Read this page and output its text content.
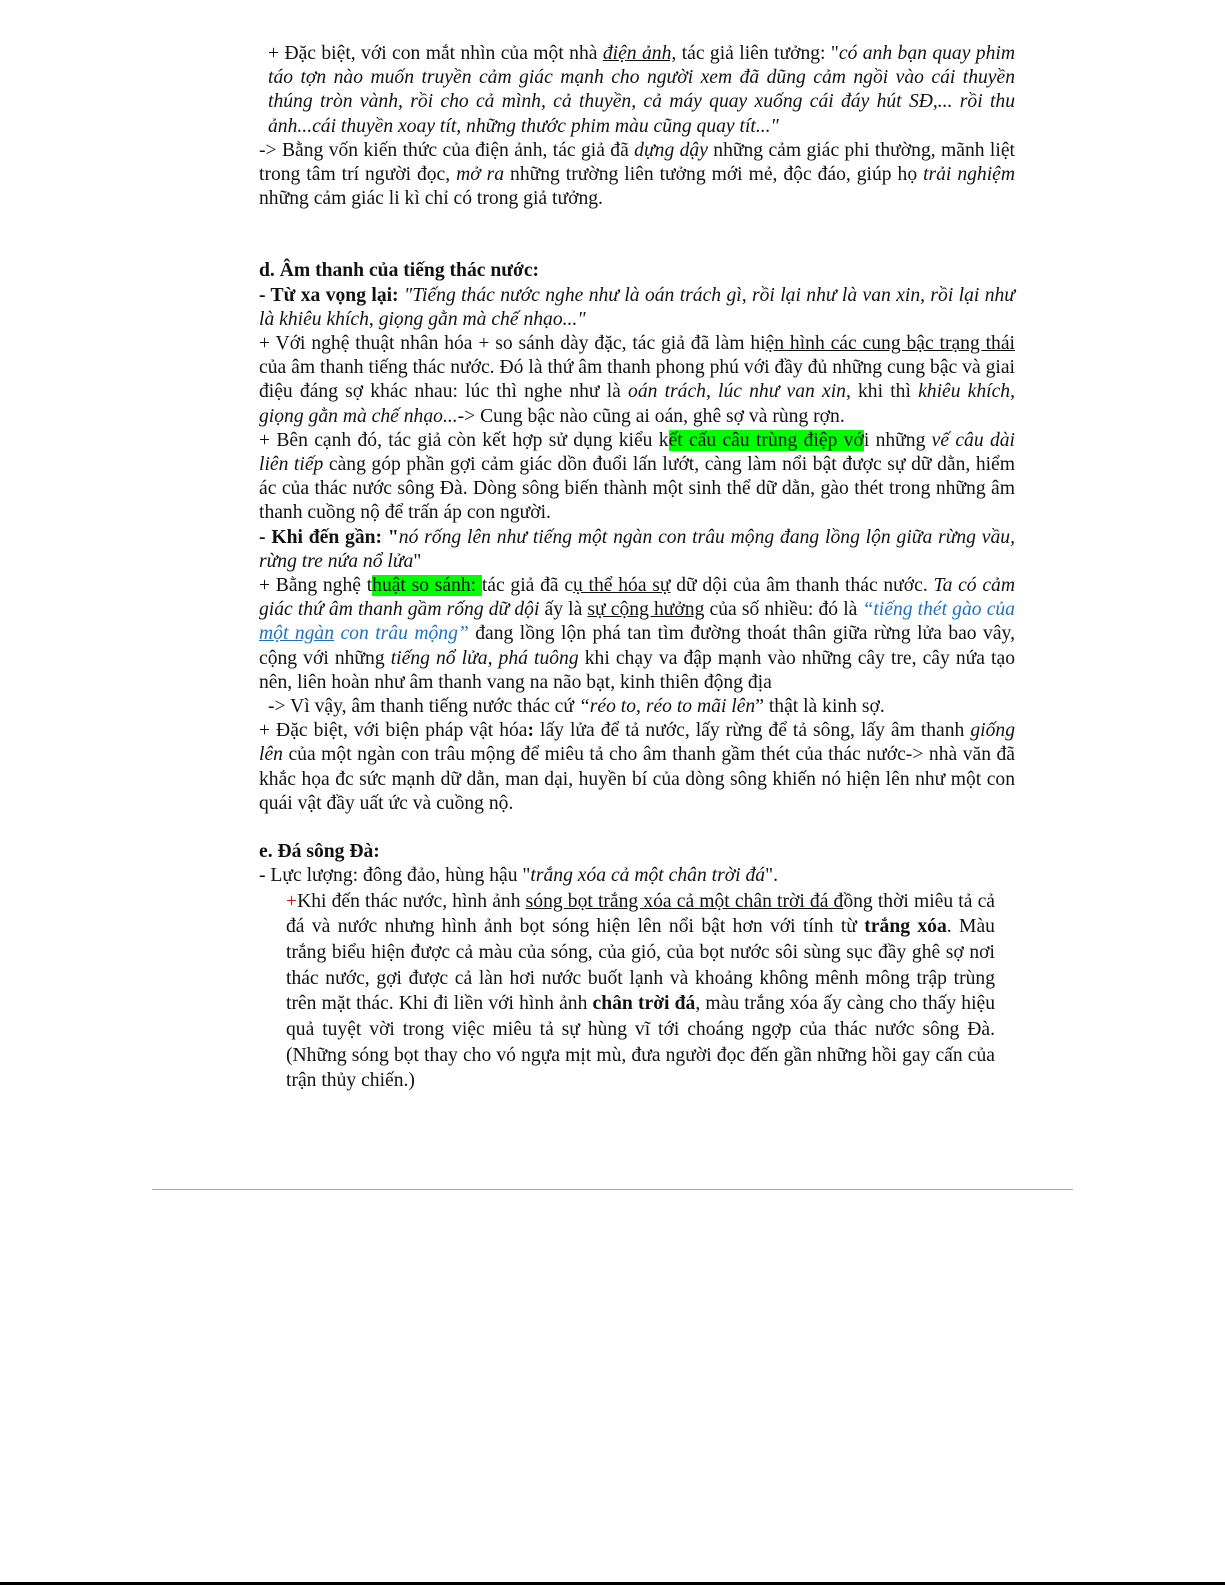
+ Đặc biệt, với con mắt nhìn của một nhà điện ảnh, tác giả liên tưởng: "có anh bạn quay phim táo tợn nào muốn truyền cảm giác mạnh cho người xem đã dũng cảm ngồi vào cái thuyền thúng tròn vành, rồi cho cả mình, cả thuyền, cả máy quay xuống cái đáy hút SĐ,... rồi thu ảnh...cái thuyền xoay tít, những thước phim màu cũng quay tít..."

-> Bằng vốn kiến thức của điện ảnh, tác giả đã dựng dậy những cảm giác phi thường, mãnh liệt trong tâm trí người đọc, mở ra những trường liên tưởng mới mẻ, độc đáo, giúp họ trải nghiệm những cảm giác li kì chỉ có trong giả tưởng.

d. Âm thanh của tiếng thác nước:

- Từ xa vọng lại: "Tiếng thác nước nghe như là oán trách gì, rồi lại như là van xin, rồi lại như là khiêu khích, giọng gằn mà chế nhạo..."

+ Với nghệ thuật nhân hóa + so sánh dày đặc, tác giả đã làm hiện hình các cung bậc trạng thái của âm thanh tiếng thác nước. Đó là thứ âm thanh phong phú với đầy đủ những cung bậc và giai điệu đáng sợ khác nhau: lúc thì nghe như là oán trách, lúc như van xin, khi thì khiêu khích, giọng gằn mà chế nhạo...-> Cung bậc nào cũng ai oán, ghê sợ và rùng rợn.

+ Bên cạnh đó, tác giả còn kết hợp sử dụng kiểu kết cấu câu trùng điệp với những vế câu dài liên tiếp càng góp phần gợi cảm giác dồn đuổi lấn lướt, càng làm nổi bật được sự dữ dằn, hiểm ác của thác nước sông Đà. Dòng sông biến thành một sinh thể dữ dằn, gào thét trong những âm thanh cuồng nộ để trấn áp con người.

- Khi đến gần: "nó rống lên như tiếng một ngàn con trâu mộng đang lồng lộn giữa rừng vầu, rừng tre nứa nổ lửa"

+ Bằng nghệ thuật so sánh: tác giả đã cụ thể hóa sự dữ dội của âm thanh thác nước. Ta có cảm giác thứ âm thanh gầm rống dữ dội ấy là sự cộng hưởng của số nhiều: đó là “tiếng thét gào của một ngàn con trâu mộng” đang lồng lộn phá tan tìm đường thoát thân giữa rừng lửa bao vây, cộng với những tiếng nổ lửa, phá tuông khi chạy va đập mạnh vào những cây tre, cây nứa tạo nên, liên hoàn như âm thanh vang na não bạt, kinh thiên động địa

-> Vì vậy, âm thanh tiếng nước thác cứ “réo to, réo to mãi lên” thật là kinh sợ.

+ Đặc biệt, với biện pháp vật hóa: lấy lửa để tả nước, lấy rừng để tả sông, lấy âm thanh giống lên của một ngàn con trâu mộng để miêu tả cho âm thanh gầm thét của thác nước-> nhà văn đã khắc họa đc sức mạnh dữ dằn, man dại, huyền bí của dòng sông khiến nó hiện lên như một con quái vật đầy uất ức và cuồng nộ.

e. Đá sông Đà:

- Lực lượng: đông đảo, hùng hậu "trắng xóa cả một chân trời đá".

+Khi đến thác nước, hình ảnh sóng bọt trắng xóa cả một chân trời đá đồng thời miêu tả cả đá và nước nhưng hình ảnh bọt sóng hiện lên nổi bật hơn với tính từ trắng xóa. Màu trắng biểu hiện được cả màu của sóng, của gió, của bọt nước sôi sùng sục đầy ghê sợ nơi thác nước, gợi được cả làn hơi nước buốt lạnh và khoảng không mênh mông trập trùng trên mặt thác. Khi đi liền với hình ảnh chân trời đá, màu trắng xóa ấy càng cho thấy hiệu quả tuyệt vời trong việc miêu tả sự hùng vĩ tới choáng ngợp của thác nước sông Đà. (Những sóng bọt thay cho vó ngựa mịt mù, đưa người đọc đến gần những hồi gay cấn của trận thủy chiến.)
